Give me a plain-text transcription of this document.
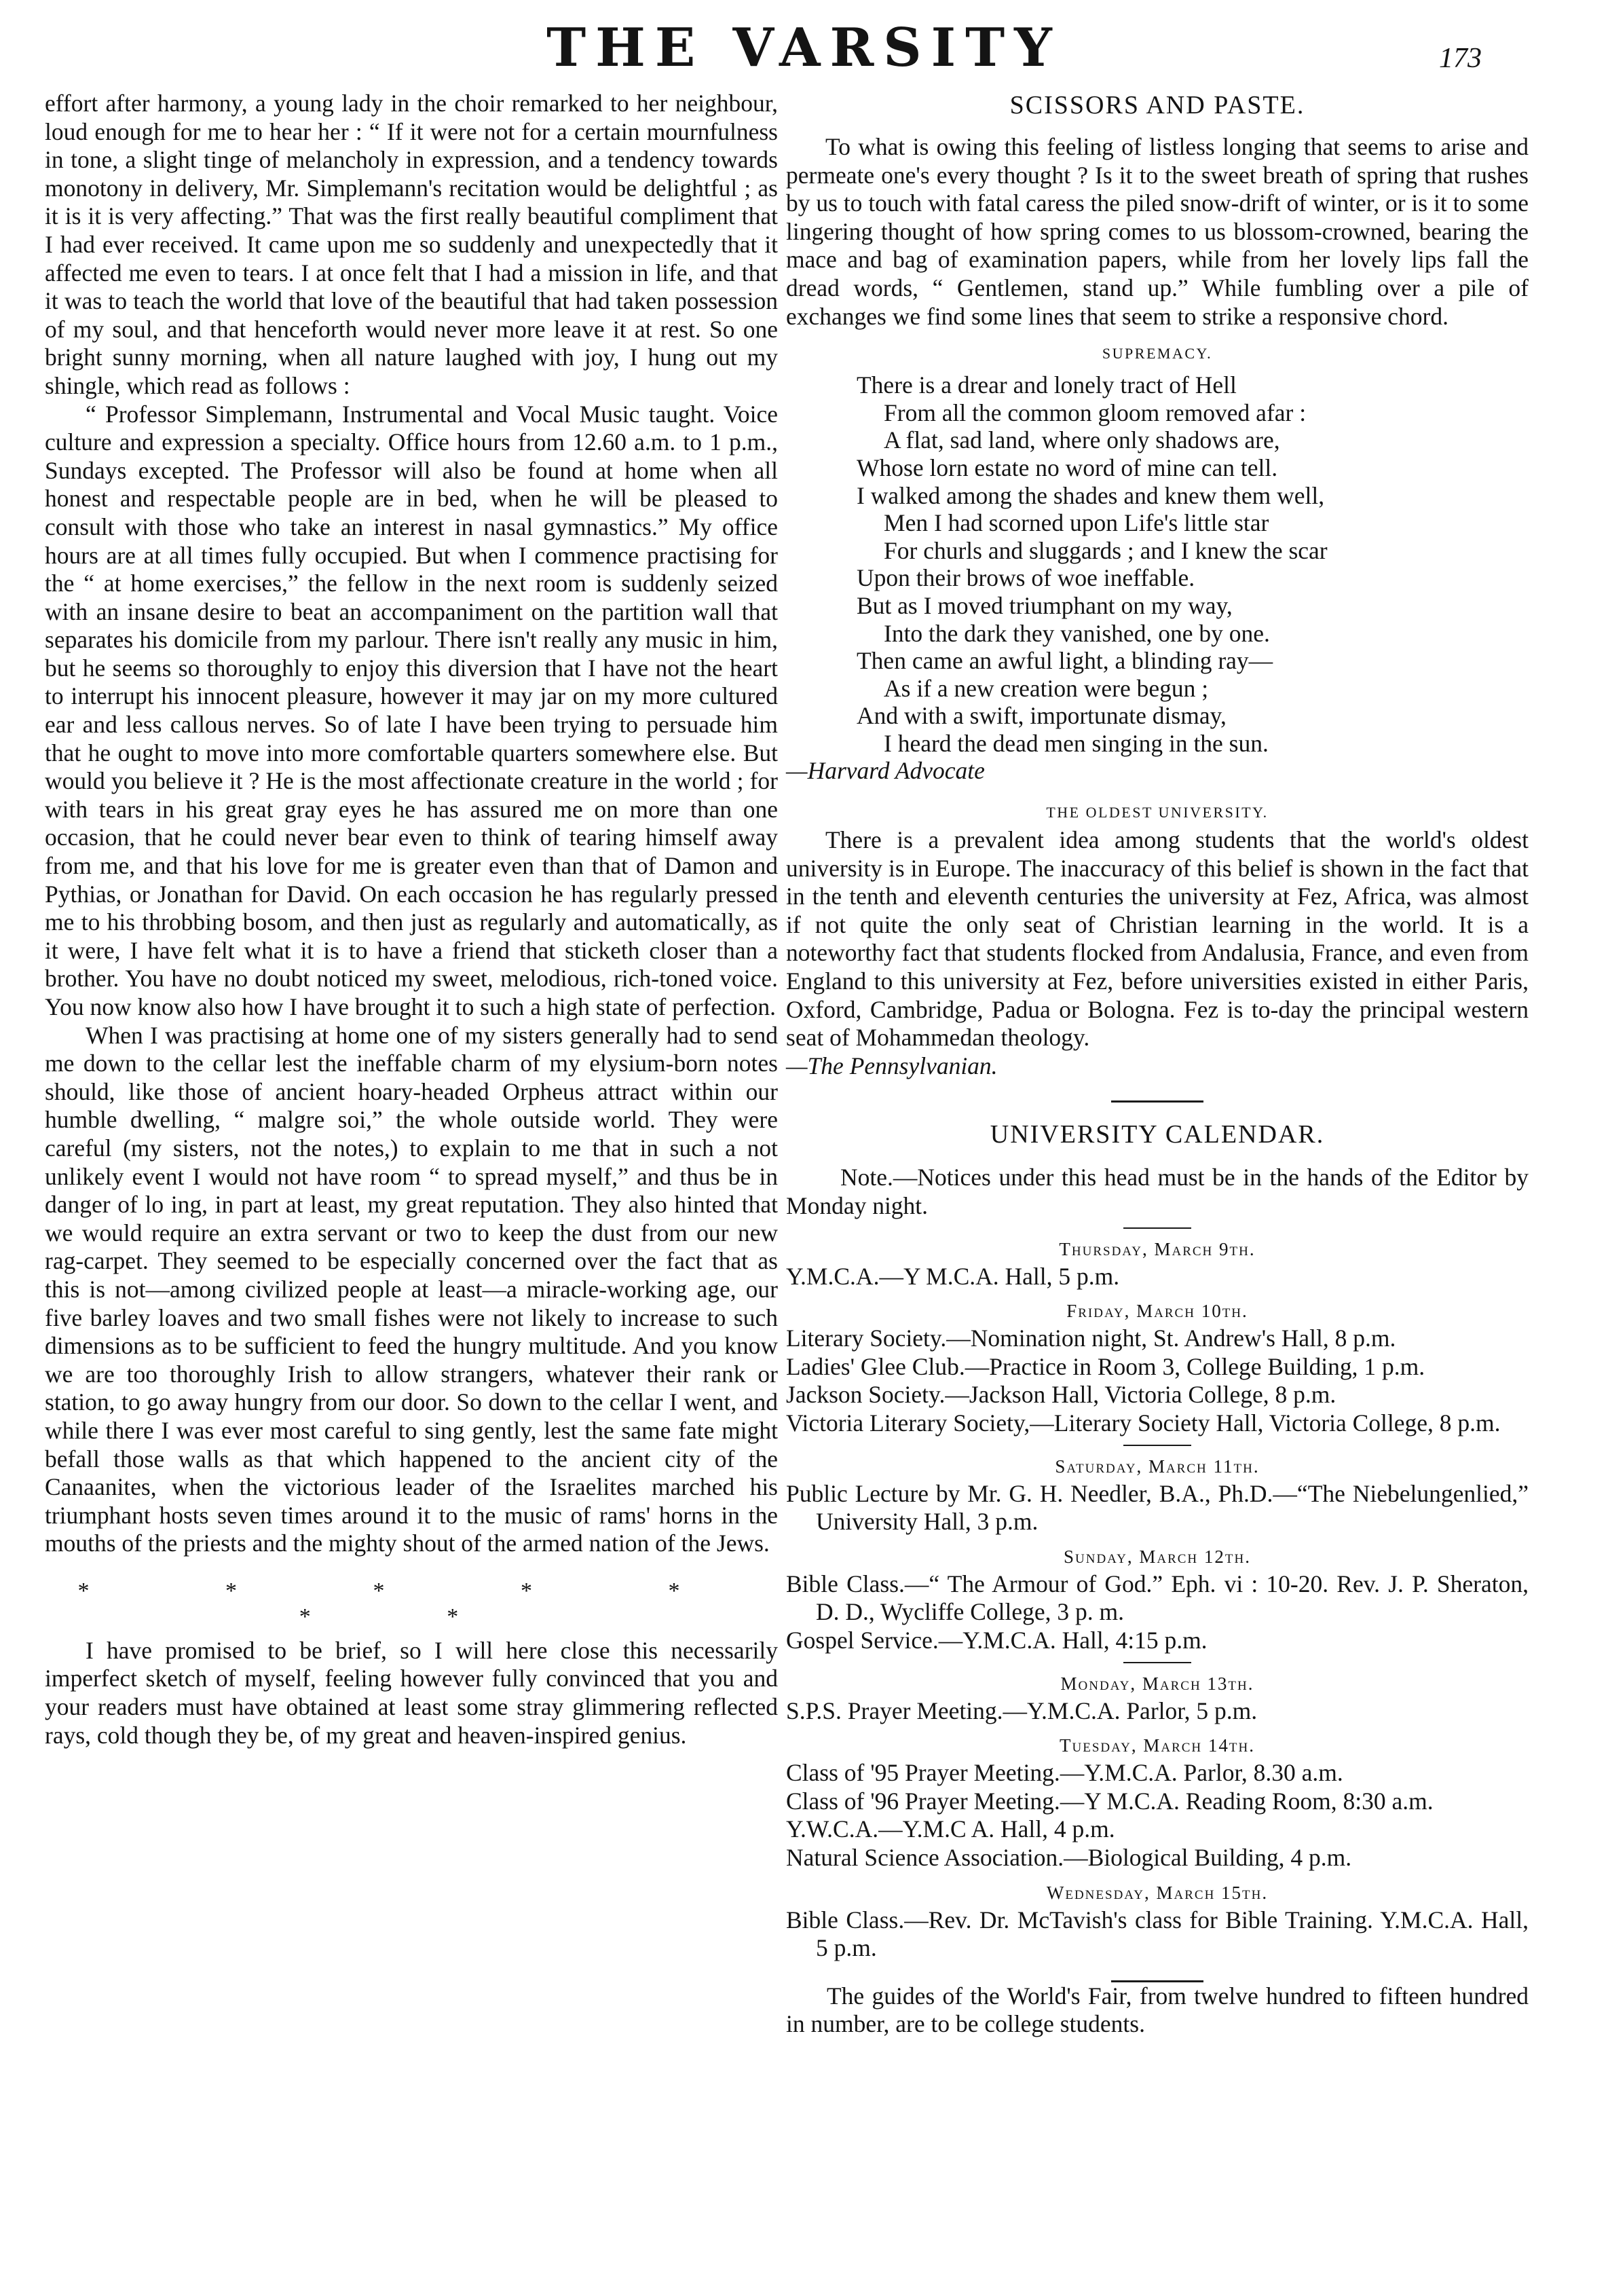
THE VARSITY	173

effort after harmony, a young lady in the choir remarked to her neighbour, loud enough for me to hear her : “ If it were not for a certain mournfulness in tone, a slight tinge of melancholy in expression, and a tendency towards monotony in delivery, Mr. Simplemann's recitation would be delightful ; as it is it is very affecting.” That was the first really beautiful compliment that I had ever received. It came upon me so suddenly and unexpectedly that it affected me even to tears. I at once felt that I had a mission in life, and that it was to teach the world that love of the beautiful that had taken possession of my soul, and that henceforth would never more leave it at rest. So one bright sunny morning, when all nature laughed with joy, I hung out my shingle, which read as follows :

“ Professor Simplemann, Instrumental and Vocal Music taught. Voice culture and expression a specialty. Office hours from 12.60 a.m. to 1 p.m., Sundays excepted. The Professor will also be found at home when all honest and respectable people are in bed, when he will be pleased to consult with those who take an interest in nasal gymnastics.” My office hours are at all times fully occupied. But when I commence practising for the “ at home exercises,” the fellow in the next room is suddenly seized with an insane desire to beat an accompaniment on the partition wall that separates his domicile from my parlour. There isn't really any music in him, but he seems so thoroughly to enjoy this diversion that I have not the heart to interrupt his innocent pleasure, however it may jar on my more cultured ear and less callous nerves. So of late I have been trying to persuade him that he ought to move into more comfortable quarters somewhere else. But would you believe it ? He is the most affectionate creature in the world ; for with tears in his great gray eyes he has assured me on more than one occasion, that he could never bear even to think of tearing himself away from me, and that his love for me is greater even than that of Damon and Pythias, or Jonathan for David. On each occasion he has regularly pressed me to his throbbing bosom, and then just as regularly and automatically, as it were, I have felt what it is to have a friend that sticketh closer than a brother. You have no doubt noticed my sweet, melodious, rich-toned voice. You now know also how I have brought it to such a high state of perfection.

When I was practising at home one of my sisters generally had to send me down to the cellar lest the ineffable charm of my elysium-born notes should, like those of ancient hoary-headed Orpheus attract within our humble dwelling, “ malgre soi,” the whole outside world. They were careful (my sisters, not the notes,) to explain to me that in such a not unlikely event I would not have room “ to spread myself,” and thus be in danger of lo ing, in part at least, my great reputation. They also hinted that we would require an extra servant or two to keep the dust from our new rag-carpet. They seemed to be especially concerned over the fact that as this is not—among civilized people at least—a miracle-working age, our five barley loaves and two small fishes were not likely to increase to such dimensions as to be sufficient to feed the hungry multitude. And you know we are too thoroughly Irish to allow strangers, whatever their rank or station, to go away hungry from our door. So down to the cellar I went, and while there I was ever most careful to sing gently, lest the same fate might befall those walls as that which happened to the ancient city of the Canaanites, when the victorious leader of the Israelites marched his triumphant hosts seven times around it to the music of rams' horns in the mouths of the priests and the mighty shout of the armed nation of the Jews.

* * * * * * *

I have promised to be brief, so I will here close this necessarily imperfect sketch of myself, feeling however fully convinced that you and your readers must have obtained at least some stray glimmering reflected rays, cold though they be, of my great and heaven-inspired genius.

SCISSORS AND PASTE.

To what is owing this feeling of listless longing that seems to arise and permeate one's every thought ? Is it to the sweet breath of spring that rushes by us to touch with fatal caress the piled snow-drift of winter, or is it to some lingering thought of how spring comes to us blossom-crowned, bearing the mace and bag of examination papers, while from her lovely lips fall the dread words, “ Gentlemen, stand up.” While fumbling over a pile of exchanges we find some lines that seem to strike a responsive chord.

SUPREMACY.
There is a drear and lonely tract of Hell
From all the common gloom removed afar :
A flat, sad land, where only shadows are,
Whose lorn estate no word of mine can tell.
I walked among the shades and knew them well,
Men I had scorned upon Life's little star
For churls and sluggards ; and I knew the scar
Upon their brows of woe ineffable.
But as I moved triumphant on my way,
Into the dark they vanished, one by one.
Then came an awful light, a blinding ray—
As if a new creation were begun ;
And with a swift, importunate dismay,
I heard the dead men singing in the sun.

—Harvard Advocate

THE OLDEST UNIVERSITY.

There is a prevalent idea among students that the world's oldest university is in Europe. The inaccuracy of this belief is shown in the fact that in the tenth and eleventh centuries the university at Fez, Africa, was almost if not quite the only seat of Christian learning in the world. It is a noteworthy fact that students flocked from Andalusia, France, and even from England to this university at Fez, before universities existed in either Paris, Oxford, Cambridge, Padua or Bologna. Fez is to-day the principal western seat of Mohammedan theology.

—The Pennsylvanian.

UNIVERSITY CALENDAR.

Note.—Notices under this head must be in the hands of the Editor by Monday night.

Thursday, March 9th.

Y.M.C.A.—Y M.C.A. Hall, 5 p.m.

Friday, March 10th.

Literary Society.—Nomination night, St. Andrew's Hall, 8 p.m.

Ladies' Glee Club.—Practice in Room 3, College Building, 1 p.m.

Jackson Society.—Jackson Hall, Victoria College, 8 p.m.

Victoria Literary Society,—Literary Society Hall, Victoria College, 8 p.m.

Saturday, March 11th.

Public Lecture by Mr. G. H. Needler, B.A., Ph.D.—“The Niebelungenlied,” University Hall, 3 p.m.

Sunday, March 12th.

Bible Class.—“ The Armour of God.” Eph. vi : 10-20. Rev. J. P. Sheraton, D. D., Wycliffe College, 3 p. m.

Gospel Service.—Y.M.C.A. Hall, 4:15 p.m.

Monday, March 13th.

S.P.S. Prayer Meeting.—Y.M.C.A. Parlor, 5 p.m.

Tuesday, March 14th.

Class of '95 Prayer Meeting.—Y.M.C.A. Parlor, 8.30 a.m.

Class of '96 Prayer Meeting.—Y M.C.A. Reading Room, 8:30 a.m.

Y.W.C.A.—Y.M.C A. Hall, 4 p.m.

Natural Science Association.—Biological Building, 4 p.m.

Wednesday, March 15th.

Bible Class.—Rev. Dr. McTavish's class for Bible Training. Y.M.C.A. Hall, 5 p.m.

The guides of the World's Fair, from twelve hundred to fifteen hundred in number, are to be college students.
